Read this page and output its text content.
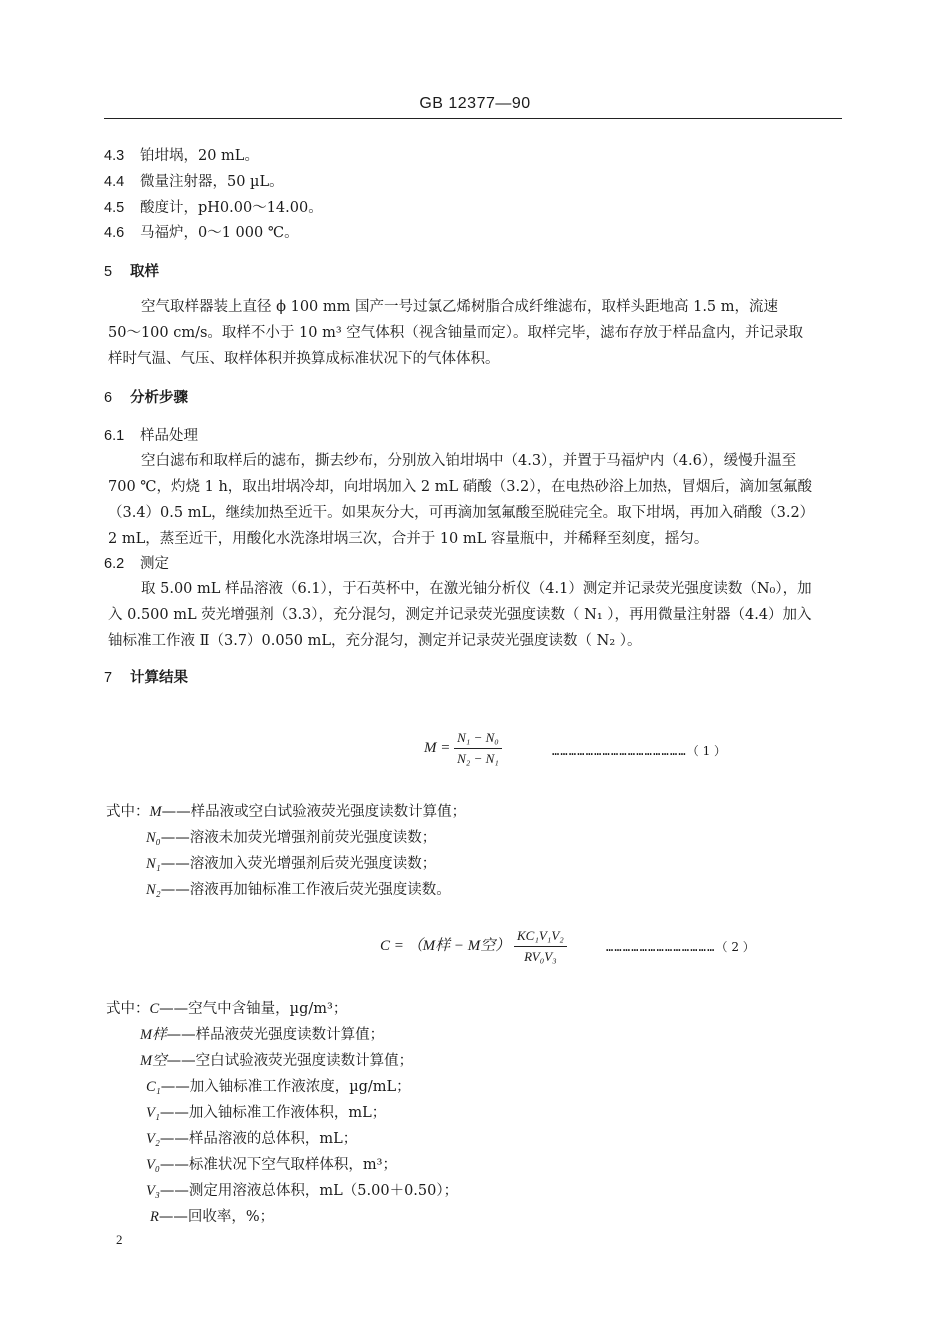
GB 12377—90
4.3 铂坩埚，20 mL。
4.4 微量注射器，50 µL。
4.5 酸度计，pH0.00～14.00。
4.6 马福炉，0～1 000 ℃。
5 取样
空气取样器装上直径 ϕ 100 mm 国产一号过氯乙烯树脂合成纤维滤布，取样头距地高 1.5 m，流速
50～100 cm/s。取样不小于 10 m³ 空气体积（视含铀量而定）。取样完毕，滤布存放于样品盒内，并记录取
样时气温、气压、取样体积并换算成标准状况下的气体体积。
6 分析步骤
6.1 样品处理
空白滤布和取样后的滤布，撕去纱布，分别放入铂坩埚中（4.3），并置于马福炉内（4.6），缓慢升温至
700 ℃，灼烧 1 h，取出坩埚冷却，向坩埚加入 2 mL 硝酸（3.2），在电热砂浴上加热，冒烟后，滴加氢氟酸
（3.4）0.5 mL，继续加热至近干。如果灰分大，可再滴加氢氟酸至脱硅完全。取下坩埚，再加入硝酸（3.2）
2 mL，蒸至近干，用酸化水洗涤坩埚三次，合并于 10 mL 容量瓶中，并稀释至刻度，摇匀。
6.2 测定
取 5.00 mL 样品溶液（6.1），于石英杯中，在激光铀分析仪（4.1）测定并记录荧光强度读数（N₀），加
入 0.500 mL 荧光增强剂（3.3），充分混匀，测定并记录荧光强度读数（ N₁ ），再用微量注射器（4.4）加入
铀标准工作液 Ⅱ（3.7）0.050 mL，充分混匀，测定并记录荧光强度读数（ N₂ ）。
7 计算结果
$M = \frac{\text{N₁ − N₀}}{\text{N₂ − N₁}}$	…………………………………………（ 1 ）
式中：M——样品液或空白试验液荧光强度读数计算值；
N₀——溶液未加荧光增强剂前荧光强度读数；
N₁——溶液加入荧光增强剂后荧光强度读数；
N₂——溶液再加铀标准工作液后荧光强度读数。
C = （M样 − M空） $\frac{\text{KC₁V₁V₂}}{\text{RV₀V₃}}$	…………………………………（ 2 ）
式中：C——空气中含铀量，µg/m³；
M样——样品液荧光强度读数计算值；
M空——空白试验液荧光强度读数计算值；
C₁——加入铀标准工作液浓度，µg/mL；
V₁——加入铀标准工作液体积，mL；
V₂——样品溶液的总体积，mL；
V₀——标准状况下空气取样体积，m³；
V₃——测定用溶液总体积，mL（5.00＋0.50）；
R——回收率，%；
2
